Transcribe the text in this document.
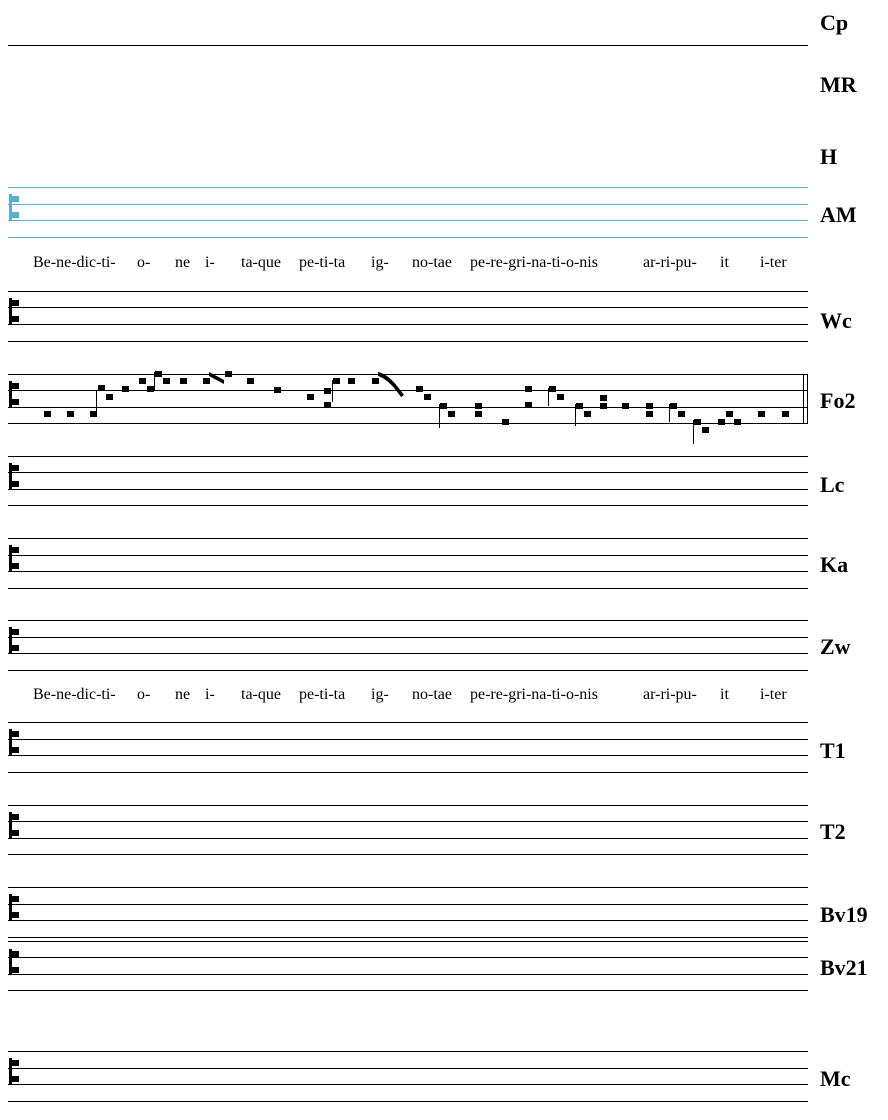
Cp
MR
H
AM
Be-ne-dic-ti- o- ne i- ta-que pe-ti-ta ig- no-tae pe-re-gri-na-ti-o-nis	ar-ri-pu- it i-ter
Wc
Fo2
Lc
Ka
Zw
Be-ne-dic-ti- o- ne i- ta-que pe-ti-ta ig- no-tae pe-re-gri-na-ti-o-nis	ar-ri-pu- it i-ter
T1
T2
Bv19
Bv21
Mc
